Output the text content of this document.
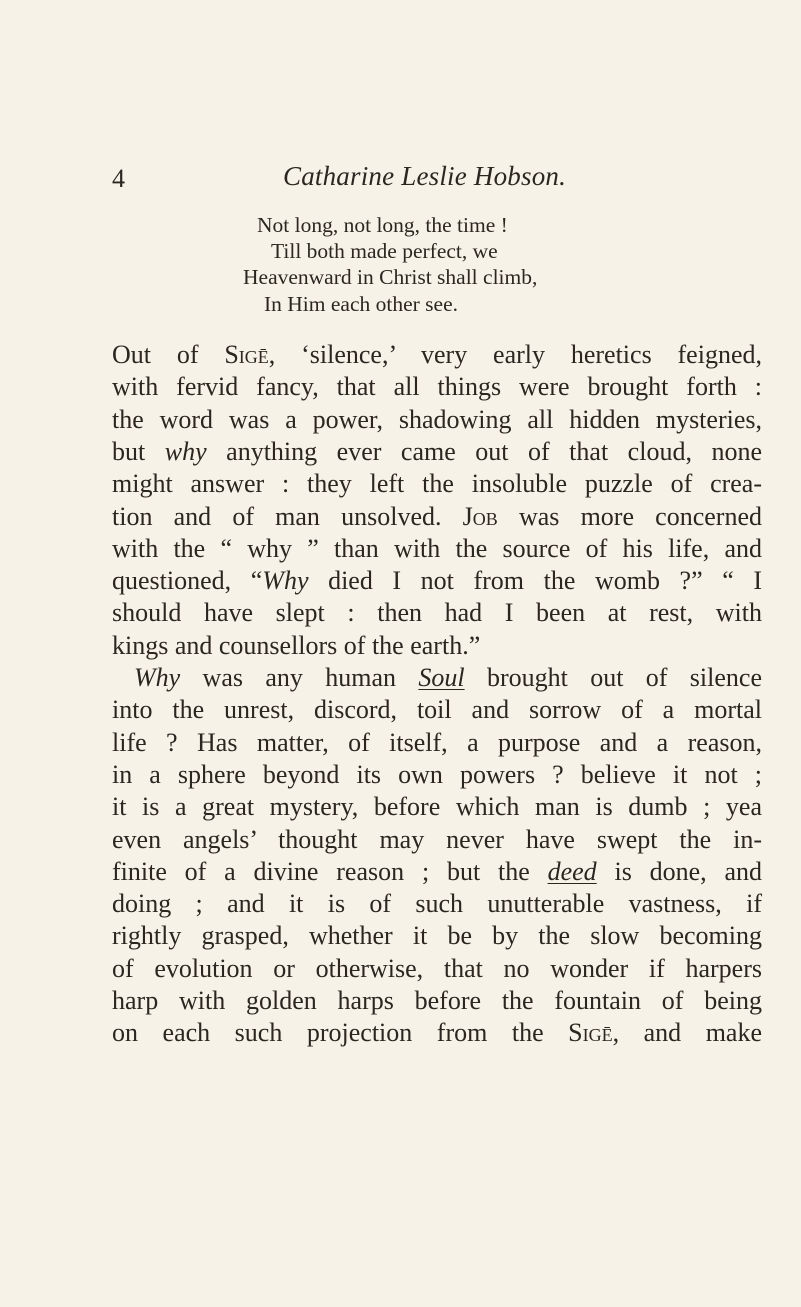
4	Catharine Leslie Hobson.
Not long, not long, the time !
Till both made perfect, we
Heavenward in Christ shall climb,
In Him each other see.
Out of Sigē, ‘silence,’ very early heretics feigned,
with fervid fancy, that all things were brought forth :
the word was a power, shadowing all hidden mysteries,
but why anything ever came out of that cloud, none
might answer : they left the insoluble puzzle of crea-
tion and of man unsolved. Job was more concerned
with the “ why ” than with the source of his life, and
questioned, “Why died I not from the womb ?” “ I
should have slept : then had I been at rest, with
kings and counsellors of the earth.”
Why was any human Soul brought out of silence
into the unrest, discord, toil and sorrow of a mortal
life ? Has matter, of itself, a purpose and a reason,
in a sphere beyond its own powers ? believe it not ;
it is a great mystery, before which man is dumb ; yea
even angels’ thought may never have swept the in-
finite of a divine reason ; but the deed is done, and
doing ; and it is of such unutterable vastness, if
rightly grasped, whether it be by the slow becoming
of evolution or otherwise, that no wonder if harpers
harp with golden harps before the fountain of being
on each such projection from the Sigē, and make
